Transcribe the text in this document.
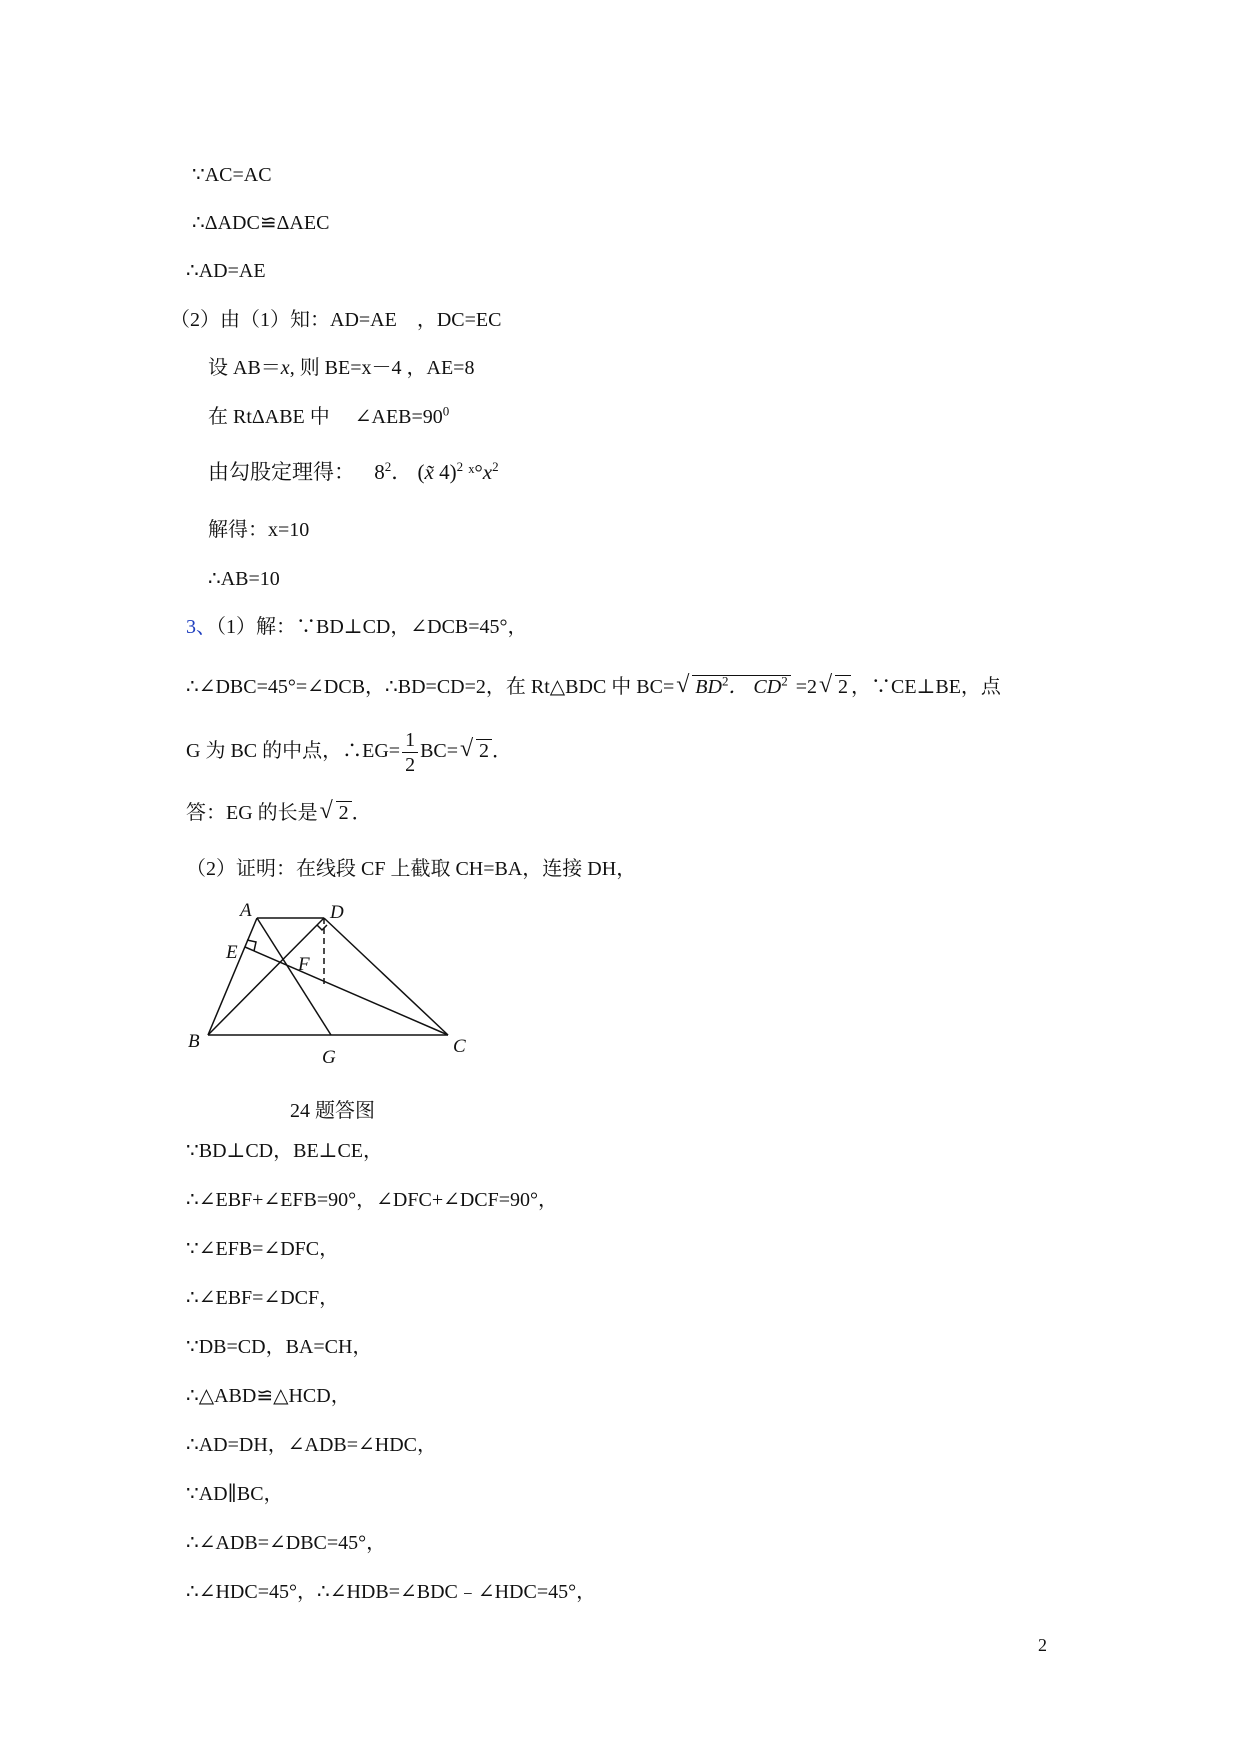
∵AC=AC
∴ΔADC≌ΔAEC
∴AD=AE
（2）由（1）知：AD=AE　，DC=EC
设 AB＝x, 则 BE=x－4 ，AE=8
在 RtΔABE 中　 $\angle AEB=90^0$
由勾股定理得： $8^2$． (x̃ 4)$^2$ $ˣ^\circ x^2$
解得：x=10
∴AB=10
3、（1）解：∵BD⊥CD，∠DCB=45°，
∴∠DBC=45°=∠DCB，∴BD=CD=2，在 Rt△BDC 中 BC=√ $BD^2$． $CD^2 =2√$ 2 ，∵CE⊥BE，点
G 为 BC 的中点，∴EG= $\frac{1}{2} BC=√$ 2 ．
答：EG 的长是√ 2 ．
（2）证明：在线段 CF 上截取 CH=BA，连接 DH，
A	D
E
F
B
G
C
24 题答图
∵BD⊥CD，BE⊥CE，
∴∠EBF+∠EFB=90°，∠DFC+∠DCF=90°，
∵∠EFB=∠DFC，
∴∠EBF=∠DCF，
∵DB=CD，BA=CH，
∴△ABD≌△HCD，
∴AD=DH，∠ADB=∠HDC，
∵AD∥BC，
∴∠ADB=∠DBC=45°，
∴∠HDC=45°，∴∠HDB=∠BDC﹣∠HDC=45°，
2
